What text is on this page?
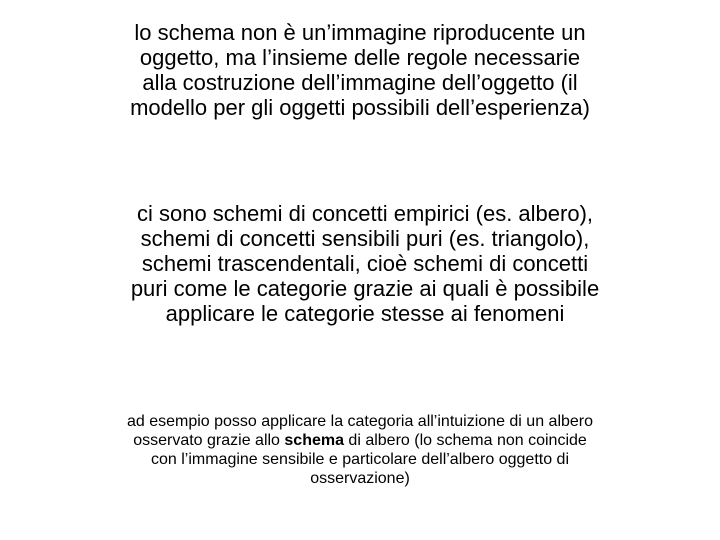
lo schema non è un’immagine riproducente un
oggetto, ma l’insieme delle regole necessarie
alla costruzione dell’immagine dell’oggetto (il
modello per gli oggetti possibili dell’esperienza)
ci sono schemi di concetti empirici (es. albero),
schemi di concetti sensibili puri (es. triangolo),
schemi trascendentali, cioè schemi di concetti
puri come le categorie grazie ai quali è possibile
applicare le categorie stesse ai fenomeni
ad esempio posso applicare la categoria all’intuizione di un albero
osservato grazie allo schema di albero (lo schema non coincide
con l’immagine sensibile e particolare dell’albero oggetto di
osservazione)
